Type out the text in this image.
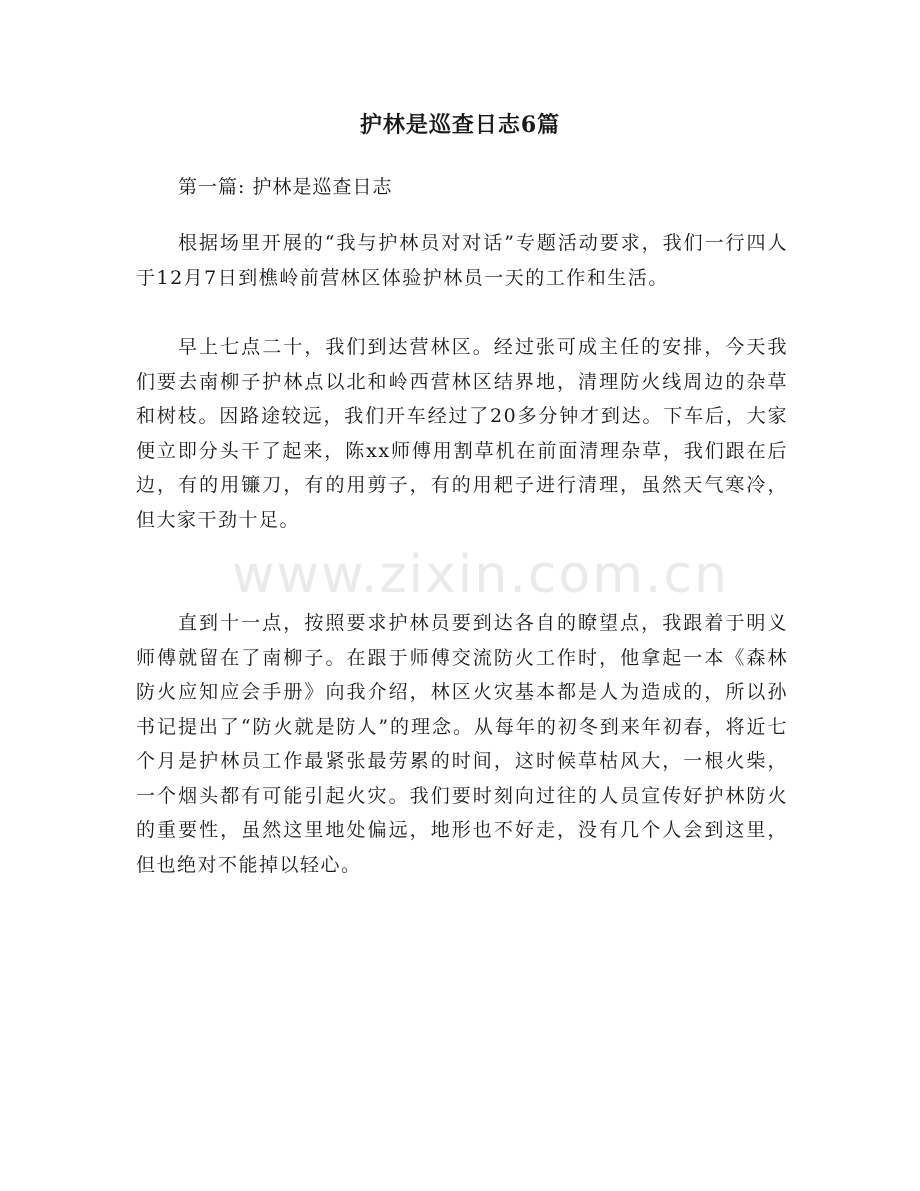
护林是巡查日志6篇
第一篇: 护林是巡查日志

根据场里开展的“我与护林员对对话”专题活动要求，我们一行四人于12月7日到樵岭前营林区体验护林员一天的工作和生活。

早上七点二十，我们到达营林区。经过张可成主任的安排，今天我们要去南柳子护林点以北和岭西营林区结界地，清理防火线周边的杂草和树枝。因路途较远，我们开车经过了20多分钟才到达。下车后，大家便立即分头干了起来，陈xx师傅用割草机在前面清理杂草，我们跟在后边，有的用镰刀，有的用剪子，有的用耙子进行清理，虽然天气寒冷，但大家干劲十足。

直到十一点，按照要求护林员要到达各自的瞭望点，我跟着于明义师傅就留在了南柳子。在跟于师傅交流防火工作时，他拿起一本《森林防火应知应会手册》向我介绍，林区火灾基本都是人为造成的，所以孙书记提出了“防火就是防人”的理念。从每年的初冬到来年初春，将近七个月是护林员工作最紧张最劳累的时间，这时候草枯风大，一根火柴，一个烟头都有可能引起火灾。我们要时刻向过往的人员宣传好护林防火的重要性，虽然这里地处偏远，地形也不好走，没有几个人会到这里，但也绝对不能掉以轻心。

www.zixin.com.cn
